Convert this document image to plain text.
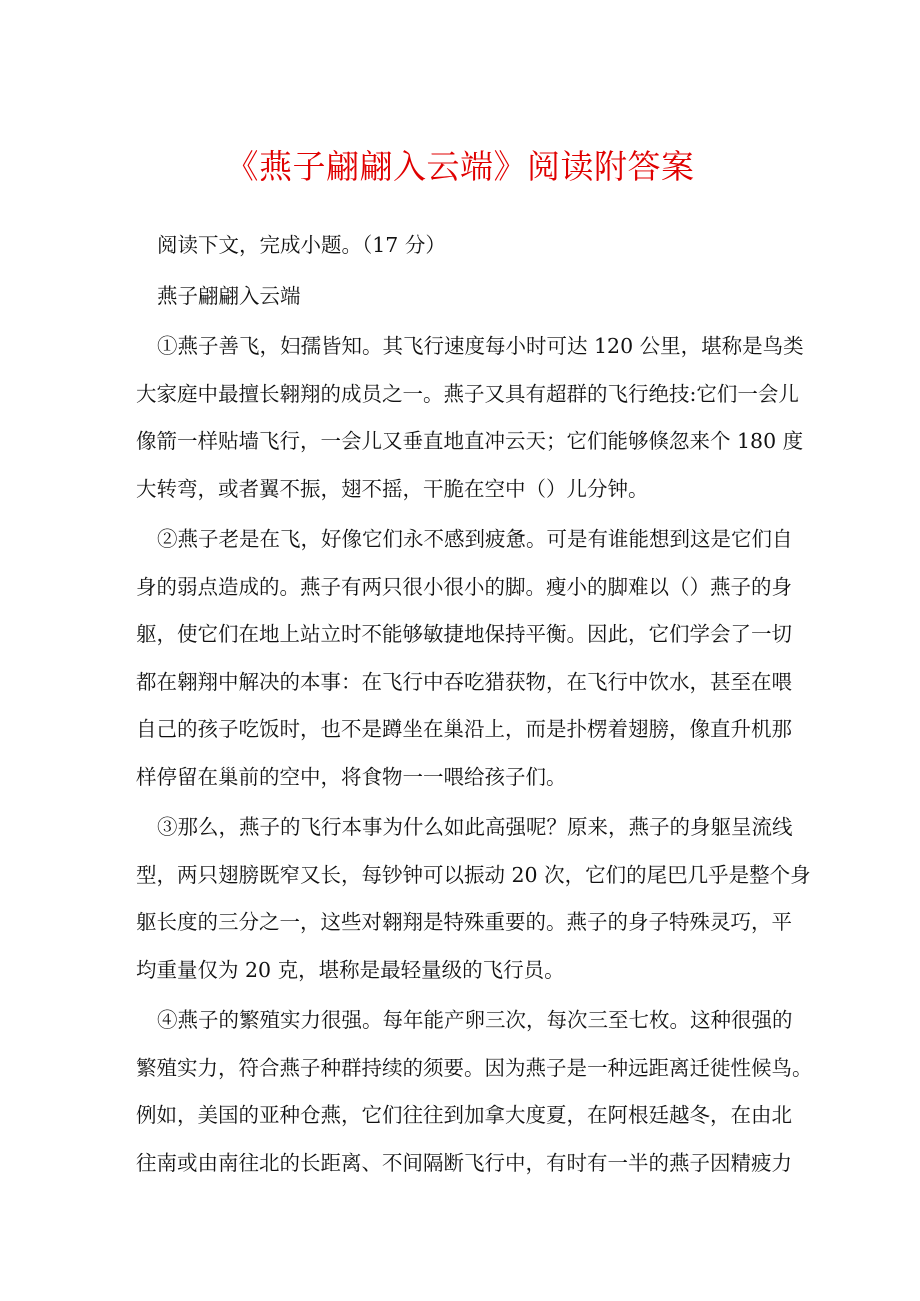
《燕子翩翩入云端》阅读附答案

阅读下文，完成小题。（17 分）

燕子翩翩入云端

①燕子善飞，妇孺皆知。其飞行速度每小时可达 120 公里，堪称是鸟类

大家庭中最擅长翱翔的成员之一。燕子又具有超群的飞行绝技:它们一会儿

像箭一样贴墙飞行，一会儿又垂直地直冲云天；它们能够倏忽来个 180 度

大转弯，或者翼不振，翅不摇，干脆在空中（）儿分钟。

②燕子老是在飞，好像它们永不感到疲惫。可是有谁能想到这是它们自

身的弱点造成的。燕子有两只很小很小的脚。瘦小的脚难以（）燕子的身

躯，使它们在地上站立时不能够敏捷地保持平衡。因此，它们学会了一切

都在翱翔中解决的本事：在飞行中吞吃猎获物，在飞行中饮水，甚至在喂

自己的孩子吃饭时，也不是蹲坐在巢沿上，而是扑楞着翅膀，像直升机那

样停留在巢前的空中，将食物一一喂给孩子们。

③那么，燕子的飞行本事为什么如此高强呢？原来，燕子的身躯呈流线

型，两只翅膀既窄又长，每钞钟可以振动 20 次，它们的尾巴几乎是整个身

躯长度的三分之一，这些对翱翔是特殊重要的。燕子的身子特殊灵巧，平

均重量仅为 20 克，堪称是最轻量级的飞行员。

④燕子的繁殖实力很强。每年能产卵三次，每次三至七枚。这种很强的

繁殖实力，符合燕子种群持续的须要。因为燕子是一种远距离迁徙性候鸟。

例如，美国的亚种仓燕，它们往往到加拿大度夏，在阿根廷越冬，在由北

往南或由南往北的长距离、不间隔断飞行中，有时有一半的燕子因精疲力
